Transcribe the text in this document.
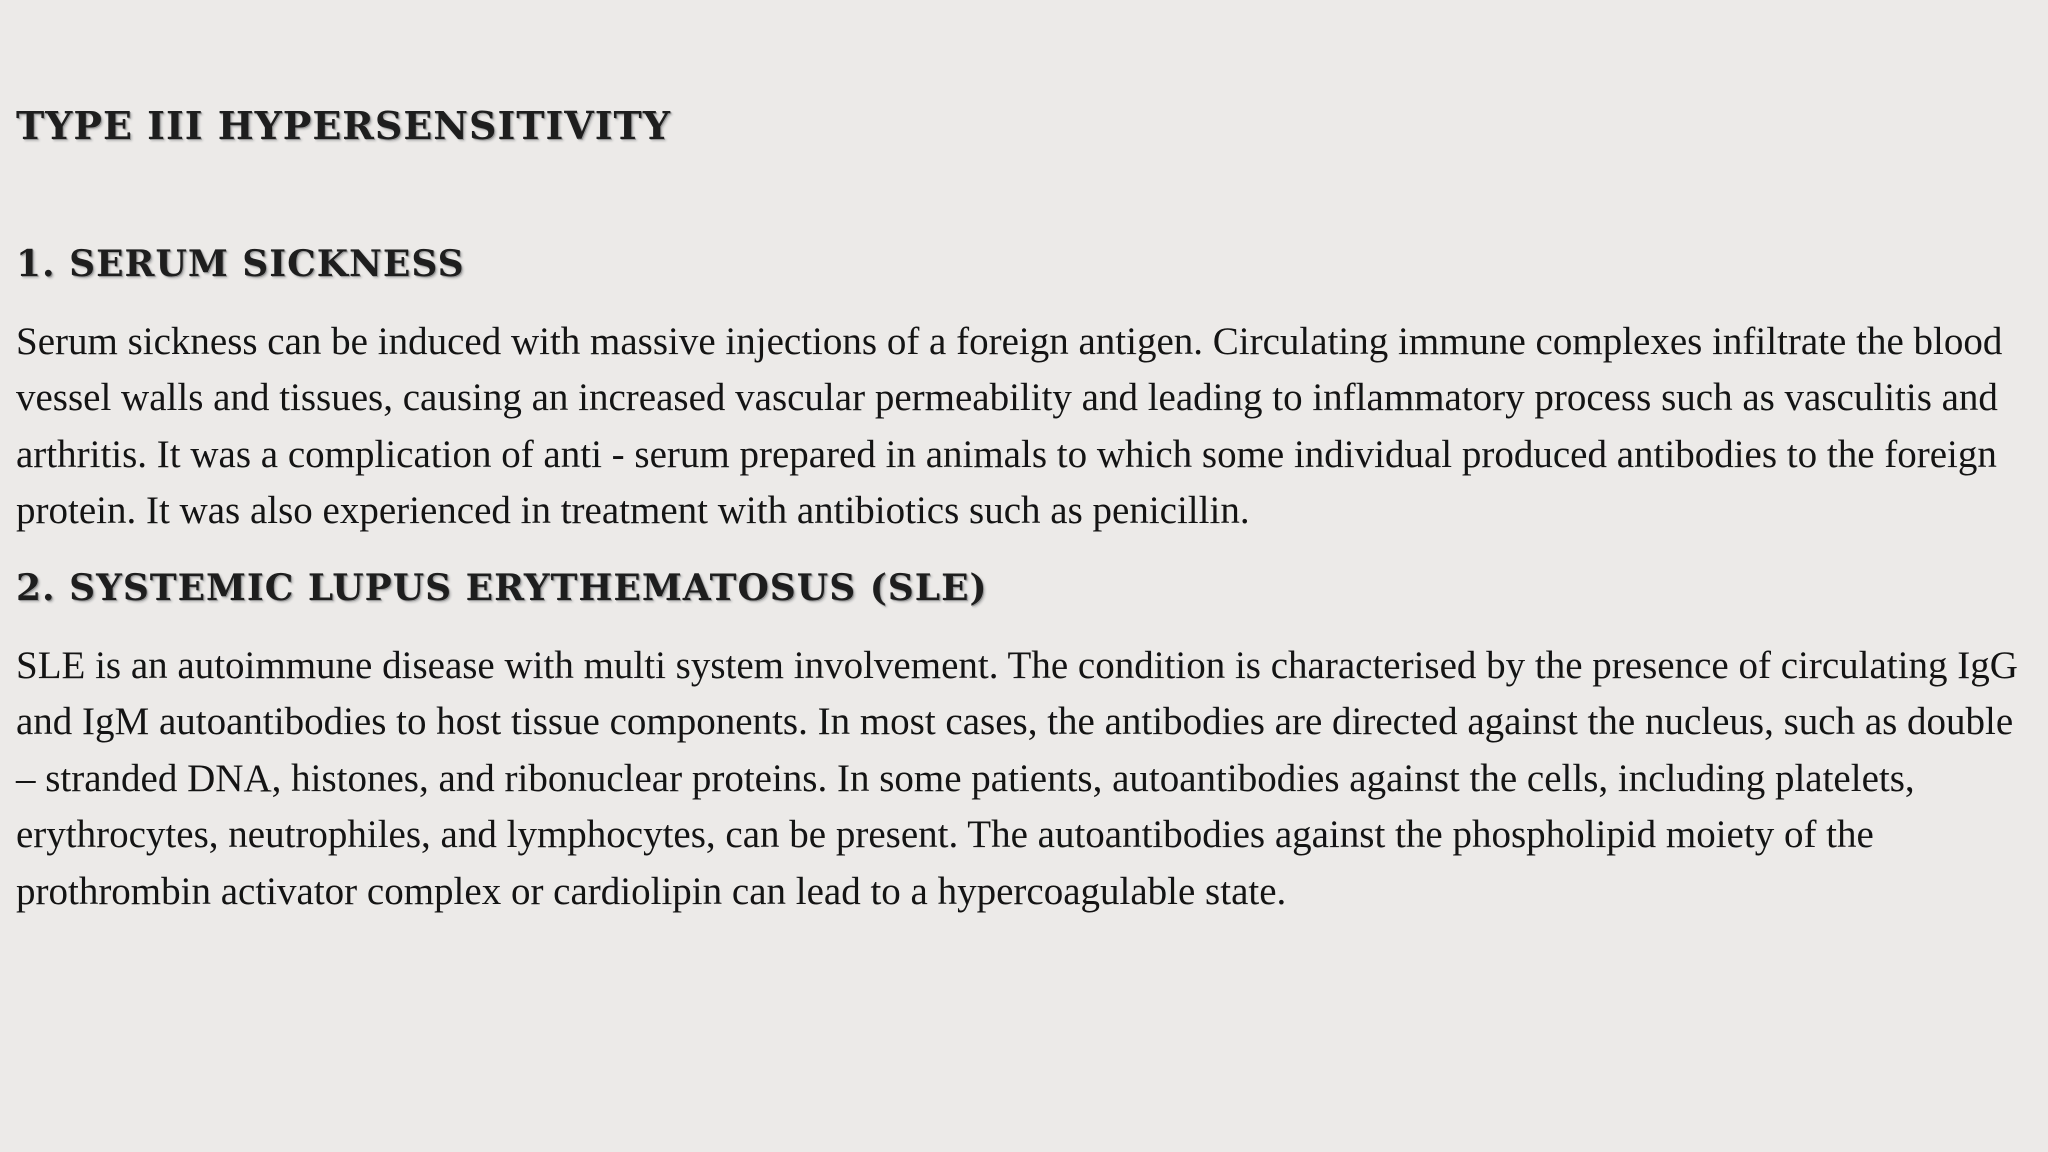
TYPE III HYPERSENSITIVITY
1. SERUM SICKNESS

Serum sickness can be induced with massive injections of a foreign antigen. Circulating immune complexes infiltrate the blood vessel walls and tissues, causing an increased vascular permeability and leading to inflammatory process such as vasculitis and arthritis. It was a complication of anti - serum prepared in animals to which some individual produced antibodies to the foreign protein. It was also experienced in treatment with antibiotics such as penicillin.

2. SYSTEMIC LUPUS ERYTHEMATOSUS (SLE)

SLE is an autoimmune disease with multi system involvement. The condition is characterised by the presence of circulating IgG and IgM autoantibodies to host tissue components. In most cases, the antibodies are directed against the nucleus, such as double – stranded DNA, histones, and ribonuclear proteins. In some patients, autoantibodies against the cells, including platelets, erythrocytes, neutrophiles, and lymphocytes, can be present. The autoantibodies against the phospholipid moiety of the prothrombin activator complex or cardiolipin can lead to a hypercoagulable state.
